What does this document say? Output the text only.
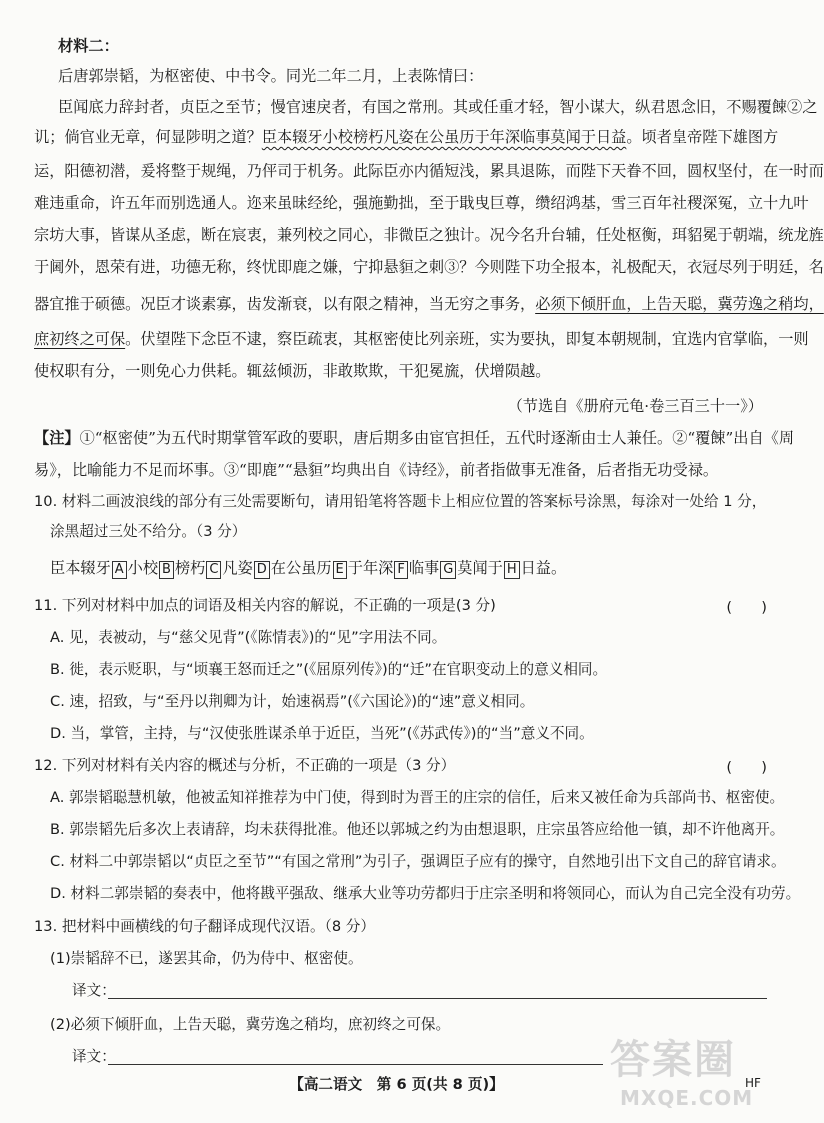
材料二：
后唐郭崇韬，为枢密使、中书令。同光二年二月，上表陈情曰：
臣闻底力辞封者，贞臣之至节；慢官速戾者，有国之常刑。其或任重才轻，智小谋大，纵君恩念旧，不赐覆餗②之
讥；倘官业无章，何显陟明之道？臣本辍牙小校榜朽凡姿在公虽历于年深临事莫闻于日益。顷者皇帝陛下雄图方
运，阳德初潜，爰将整于规绳，乃伻司于机务。此际臣亦内循短浅，累具退陈，而陛下天眷不回，圆权坚付，在一时而
难违重命，许五年而别选通人。迩来虽昧经纶，强施勤拙，至于戢曳巨尊，缵绍鸿基，雪三百年社稷深冤，立十九叶
宗坊大事，皆谋从圣虑，断在宸衷，兼列校之同心，非微臣之独计。况今名升台辅，任处枢衡，珥貂冕于朝端，统龙旌
于阃外，恩荣有进，功德无称，终忧即鹿之嫌，宁抑悬貆之刺③？今则陛下功全报本，礼极配天，衣冠尽列于明廷，名
器宜推于硕德。况臣才谈素寡，齿发渐衰，以有限之精神，当无穷之事务，必须下倾肝血，上告天聪，冀劳逸之稍均，
庶初终之可保。伏望陛下念臣不逮，察臣疏衷，其枢密使比列亲班，实为要执，即复本朝规制，宜选内官掌临，一则
使权职有分，一则免心力供耗。辄兹倾沥，非敢欺欺，干犯冕旒，伏增陨越。
（节选自《册府元龟·卷三百三十一》）
【注】①“枢密使”为五代时期掌管军政的要职，唐后期多由宦官担任，五代时逐渐由士人兼任。②“覆餗”出自《周
易》，比喻能力不足而坏事。③“即鹿”“悬貆”均典出自《诗经》，前者指做事无准备，后者指无功受禄。
10. 材料二画波浪线的部分有三处需要断句，请用铅笔将答题卡上相应位置的答案标号涂黑，每涂对一处给 1 分，
涂黑超过三处不给分。（3 分）
臣本辍牙 A 小校 B 榜朽 C 凡姿 D 在公虽历 E 于年深 F 临事 G 莫闻于 H 日益。
11. 下列对材料中加点的词语及相关内容的解说，不正确的一项是(3 分)	(　　)
A. 见，表被动，与“慈父见背”(《陈情表》)的“见”字用法不同。
B. 徙，表示贬职，与“顷襄王怒而迁之”(《屈原列传》)的“迁”在官职变动上的意义相同。
C. 速，招致，与“至丹以荆卿为计，始速祸焉”(《六国论》)的“速”意义相同。
D. 当，掌管，主持，与“汉使张胜谋杀单于近臣，当死”(《苏武传》)的“当”意义不同。
12. 下列对材料有关内容的概述与分析，不正确的一项是（3 分）	(　　)
A. 郭崇韬聪慧机敏，他被孟知祥推荐为中门使，得到时为晋王的庄宗的信任，后来又被任命为兵部尚书、枢密使。
B. 郭崇韬先后多次上表请辞，均未获得批准。他还以郭城之约为由想退职，庄宗虽答应给他一镇，却不许他离开。
C. 材料二中郭崇韬以“贞臣之至节”“有国之常刑”为引子，强调臣子应有的操守，自然地引出下文自己的辞官请求。
D. 材料二郭崇韬的奏表中，他将戡平强敌、继承大业等功劳都归于庄宗圣明和将领同心，而认为自己完全没有功劳。
13. 把材料中画横线的句子翻译成现代汉语。（8 分）
(1)崇韬辞不已，遂罢其命，仍为侍中、枢密使。
译文：
(2)必须下倾肝血，上告天聪，冀劳逸之稍均，庶初终之可保。
译文：
【高二语文　第 6 页(共 8 页)】	HF
答案圈
MXQE.COM
